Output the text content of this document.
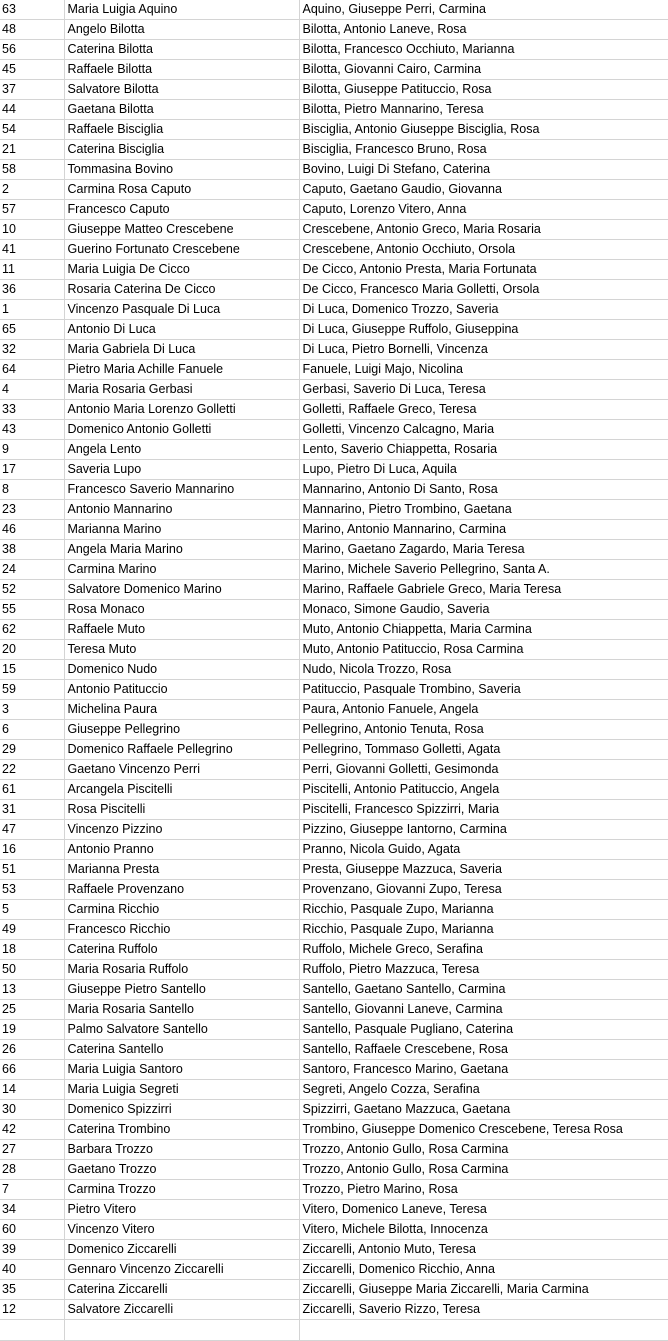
63	Maria Luigia Aquino	Aquino, Giuseppe Perri, Carmina
48	Angelo Bilotta	Bilotta, Antonio Laneve, Rosa
56	Caterina Bilotta	Bilotta, Francesco Occhiuto, Marianna
45	Raffaele Bilotta	Bilotta, Giovanni Cairo, Carmina
37	Salvatore Bilotta	Bilotta, Giuseppe Patituccio, Rosa
44	Gaetana Bilotta	Bilotta, Pietro Mannarino, Teresa
54	Raffaele Bisciglia	Bisciglia, Antonio Giuseppe Bisciglia, Rosa
21	Caterina Bisciglia	Bisciglia, Francesco Bruno, Rosa
58	Tommasina Bovino	Bovino, Luigi Di Stefano, Caterina
2	Carmina Rosa Caputo	Caputo, Gaetano Gaudio, Giovanna
57	Francesco Caputo	Caputo, Lorenzo Vitero, Anna
10	Giuseppe Matteo Crescebene	Crescebene, Antonio Greco, Maria Rosaria
41	Guerino Fortunato Crescebene	Crescebene, Antonio Occhiuto, Orsola
11	Maria Luigia De Cicco	De Cicco, Antonio Presta, Maria Fortunata
36	Rosaria Caterina De Cicco	De Cicco, Francesco Maria Golletti, Orsola
1	Vincenzo Pasquale Di Luca	Di Luca, Domenico Trozzo, Saveria
65	Antonio Di Luca	Di Luca, Giuseppe Ruffolo, Giuseppina
32	Maria Gabriela Di Luca	Di Luca, Pietro Bornelli, Vincenza
64	Pietro Maria Achille Fanuele	Fanuele, Luigi Majo, Nicolina
4	Maria Rosaria Gerbasi	Gerbasi, Saverio Di Luca, Teresa
33	Antonio Maria Lorenzo Golletti	Golletti, Raffaele Greco, Teresa
43	Domenico Antonio Golletti	Golletti, Vincenzo Calcagno, Maria
9	Angela Lento	Lento, Saverio Chiappetta, Rosaria
17	Saveria Lupo	Lupo, Pietro Di Luca, Aquila
8	Francesco Saverio Mannarino	Mannarino, Antonio Di Santo, Rosa
23	Antonio Mannarino	Mannarino, Pietro Trombino, Gaetana
46	Marianna Marino	Marino, Antonio Mannarino, Carmina
38	Angela Maria Marino	Marino, Gaetano Zagardo, Maria Teresa
24	Carmina Marino	Marino, Michele Saverio Pellegrino, Santa A.
52	Salvatore Domenico Marino	Marino, Raffaele Gabriele Greco, Maria Teresa
55	Rosa Monaco	Monaco, Simone Gaudio, Saveria
62	Raffaele Muto	Muto, Antonio Chiappetta, Maria Carmina
20	Teresa Muto	Muto, Antonio Patituccio, Rosa Carmina
15	Domenico Nudo	Nudo, Nicola Trozzo, Rosa
59	Antonio Patituccio	Patituccio, Pasquale Trombino, Saveria
3	Michelina Paura	Paura, Antonio Fanuele, Angela
6	Giuseppe Pellegrino	Pellegrino, Antonio Tenuta, Rosa
29	Domenico Raffaele Pellegrino	Pellegrino, Tommaso Golletti, Agata
22	Gaetano Vincenzo Perri	Perri, Giovanni Golletti, Gesimonda
61	Arcangela Piscitelli	Piscitelli, Antonio Patituccio, Angela
31	Rosa Piscitelli	Piscitelli, Francesco Spizzirri, Maria
47	Vincenzo Pizzino	Pizzino, Giuseppe Iantorno, Carmina
16	Antonio Pranno	Pranno, Nicola Guido, Agata
51	Marianna Presta	Presta, Giuseppe Mazzuca, Saveria
53	Raffaele Provenzano	Provenzano, Giovanni Zupo, Teresa
5	Carmina Ricchio	Ricchio, Pasquale Zupo, Marianna
49	Francesco Ricchio	Ricchio, Pasquale Zupo, Marianna
18	Caterina Ruffolo	Ruffolo, Michele Greco, Serafina
50	Maria Rosaria Ruffolo	Ruffolo, Pietro Mazzuca, Teresa
13	Giuseppe Pietro Santello	Santello, Gaetano Santello, Carmina
25	Maria Rosaria Santello	Santello, Giovanni Laneve, Carmina
19	Palmo Salvatore Santello	Santello, Pasquale Pugliano, Caterina
26	Caterina Santello	Santello, Raffaele Crescebene, Rosa
66	Maria Luigia Santoro	Santoro, Francesco Marino, Gaetana
14	Maria Luigia Segreti	Segreti, Angelo Cozza, Serafina
30	Domenico Spizzirri	Spizzirri, Gaetano Mazzuca, Gaetana
42	Caterina Trombino	Trombino, Giuseppe Domenico Crescebene, Teresa Rosa
27	Barbara Trozzo	Trozzo, Antonio Gullo, Rosa Carmina
28	Gaetano Trozzo	Trozzo, Antonio Gullo, Rosa Carmina
7	Carmina Trozzo	Trozzo, Pietro Marino, Rosa
34	Pietro Vitero	Vitero, Domenico Laneve, Teresa
60	Vincenzo Vitero	Vitero, Michele Bilotta, Innocenza
39	Domenico Ziccarelli	Ziccarelli, Antonio Muto, Teresa
40	Gennaro Vincenzo Ziccarelli	Ziccarelli, Domenico Ricchio, Anna
35	Caterina Ziccarelli	Ziccarelli, Giuseppe Maria Ziccarelli, Maria Carmina
12	Salvatore Ziccarelli	Ziccarelli, Saverio Rizzo, Teresa
